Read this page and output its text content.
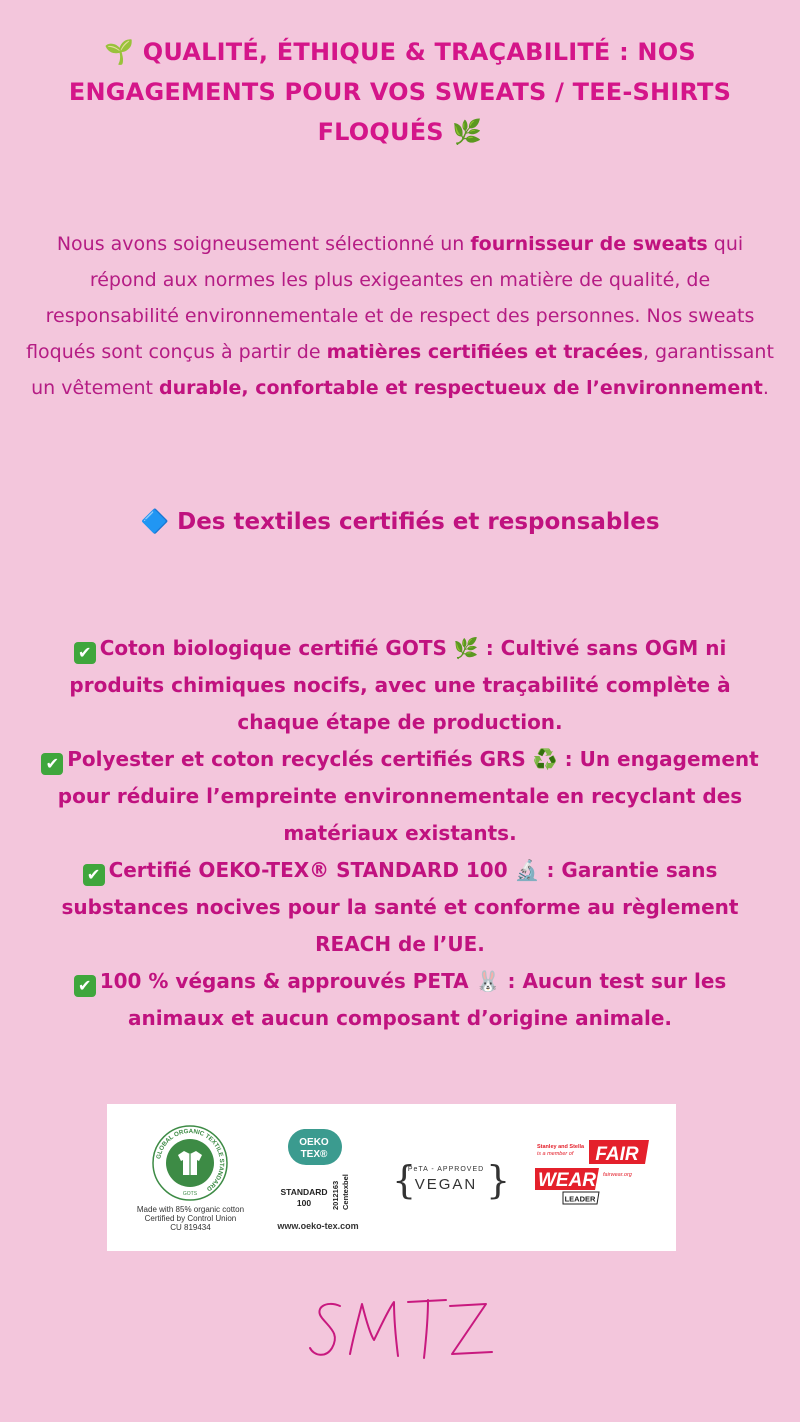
🌱 QUALITÉ, ÉTHIQUE & TRAÇABILITÉ : NOS
ENGAGEMENTS POUR VOS SWEATS / TEE-SHIRTS
FLOQUÉS 🌿
Nous avons soigneusement sélectionné un fournisseur de sweats qui répond aux normes les plus exigeantes en matière de qualité, de responsabilité environnementale et de respect des personnes. Nos sweats floqués sont conçus à partir de matières certifiées et tracées, garantissant un vêtement durable, confortable et respectueux de l’environnement.
🔷 Des textiles certifiés et responsables
✔ Coton biologique certifié GOTS 🌿 : Cultivé sans OGM ni produits chimiques nocifs, avec une traçabilité complète à chaque étape de production.
✔ Polyester et coton recyclés certifiés GRS ♻️ : Un engagement pour réduire l’empreinte environnementale en recyclant des matériaux existants.
✔ Certifié OEKO-TEX® STANDARD 100 🔬 : Garantie sans substances nocives pour la santé et conforme au règlement REACH de l’UE.
✔ 100 % végans & approuvés PETA 🐰 : Aucun test sur les animaux et aucun composant d’origine animale.
GLOBAL ORGANIC TEXTILE STANDARD
GOTS
Made with 85% organic cotton
Certified by Control Union
CU 819434
OEKO
TEX®
STANDARD
100	2012163 Centexbel
www.oeko-tex.com
{ }
PeTA - APPROVED
VEGAN
Stanley and Stella
is a member of FAIR
WEAR fairwear.org
LEADER
